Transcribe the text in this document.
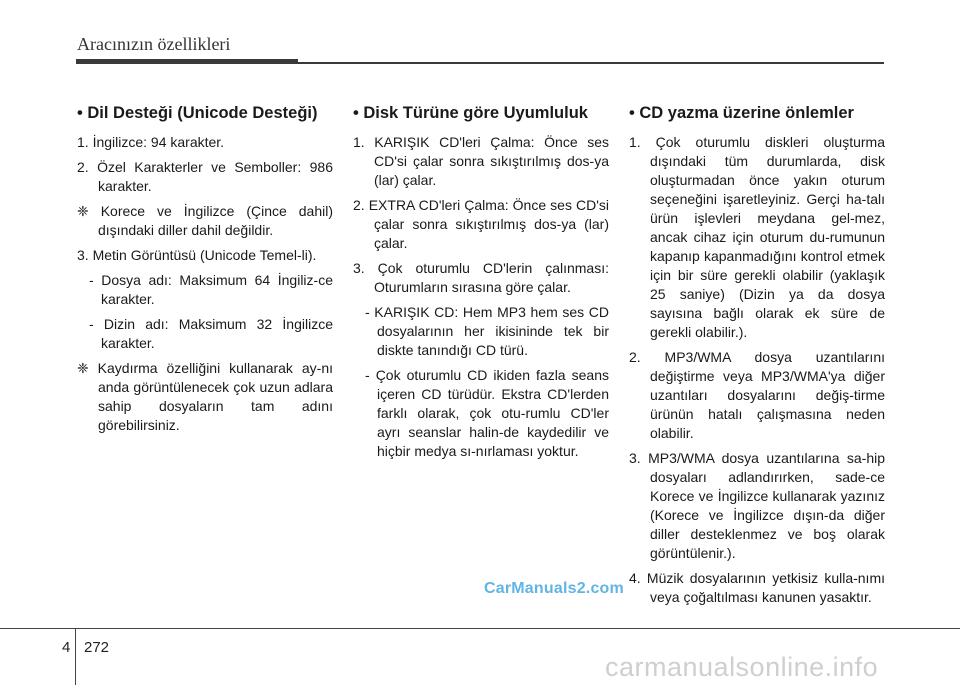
Aracınızın özellikleri
• Dil Desteği (Unicode Desteği)

1. İngilizce: 94 karakter.

2. Özel Karakterler ve Semboller: 986 karakter.

❈ Korece ve İngilizce (Çince dahil) dışındaki diller dahil değildir.

3. Metin Görüntüsü (Unicode Temel-li).

- Dosya adı: Maksimum 64 İngiliz-ce karakter.

- Dizin adı: Maksimum 32 İngilizce karakter.

❈ Kaydırma özelliğini kullanarak ay-nı anda görüntülenecek çok uzun adlara sahip dosyaların tam adını görebilirsiniz.

• Disk Türüne göre Uyumluluk

1. KARIŞIK CD'leri Çalma: Önce ses CD'si çalar sonra sıkıştırılmış dos-ya (lar) çalar.

2. EXTRA CD'leri Çalma: Önce ses CD'si çalar sonra sıkıştırılmış dos-ya (lar) çalar.

3. Çok oturumlu CD'lerin çalınması: Oturumların sırasına göre çalar.

- KARIŞIK CD: Hem MP3 hem ses CD dosyalarının her ikisininde tek bir diskte tanındığı CD türü.

- Çok oturumlu CD ikiden fazla seans içeren CD türüdür. Ekstra CD'lerden farklı olarak, çok otu-rumlu CD'ler ayrı seanslar halin-de kaydedilir ve hiçbir medya sı-nırlaması yoktur.

• CD yazma üzerine önlemler

1. Çok oturumlu diskleri oluşturma dışındaki tüm durumlarda, disk oluşturmadan önce yakın oturum seçeneğini işaretleyiniz. Gerçi ha-talı ürün işlevleri meydana gel-mez, ancak cihaz için oturum du-rumunun kapanıp kapanmadığını kontrol etmek için bir süre gerekli olabilir (yaklaşık 25 saniye) (Dizin ya da dosya sayısına bağlı olarak ek süre de gerekli olabilir.).

2. MP3/WMA dosya uzantılarını değiştirme veya MP3/WMA'ya diğer uzantıları dosyalarını değiş-tirme ürünün hatalı çalışmasına neden olabilir.

3. MP3/WMA dosya uzantılarına sa-hip dosyaları adlandırırken, sade-ce Korece ve İngilizce kullanarak yazınız (Korece ve İngilizce dışın-da diğer diller desteklenmez ve boş olarak görüntülenir.).

4. Müzik dosyalarının yetkisiz kulla-nımı veya çoğaltılması kanunen yasaktır.

CarManuals2.com
4 272
carmanualsonline.info
